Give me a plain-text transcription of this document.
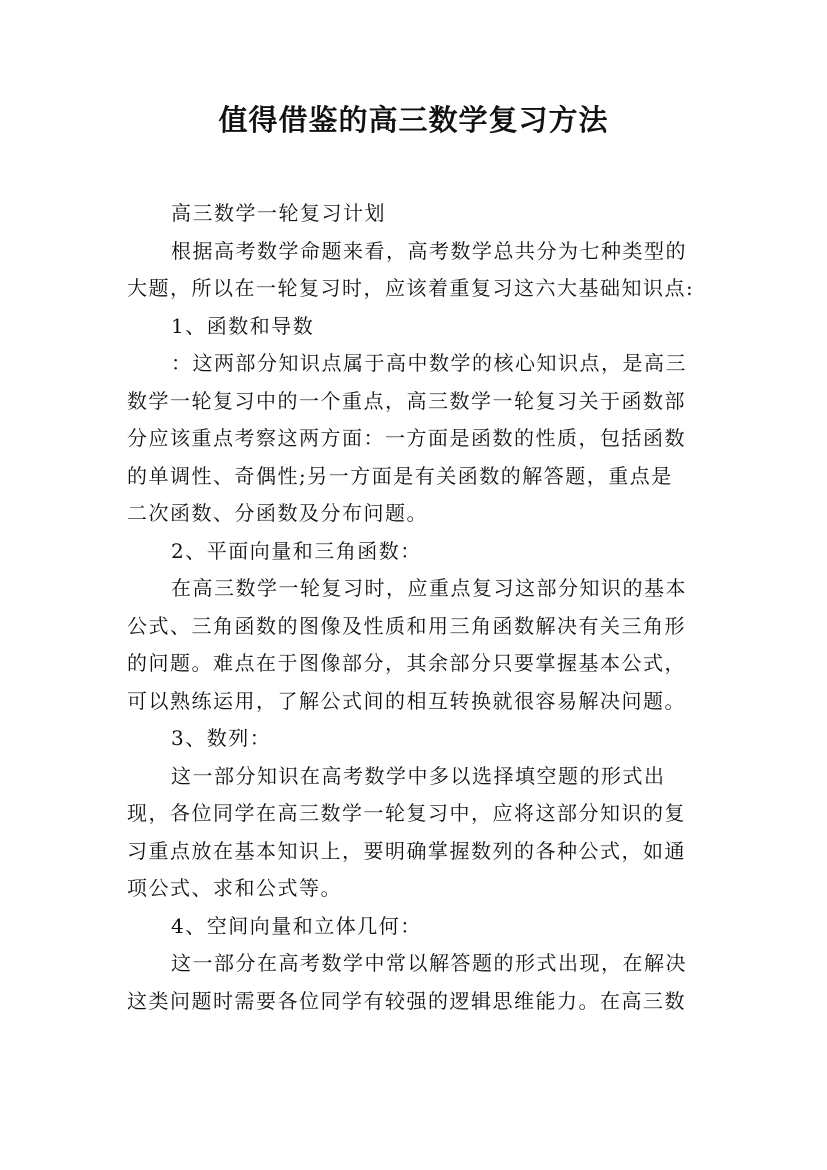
值得借鉴的高三数学复习方法
高三数学一轮复习计划
根据高考数学命题来看，高考数学总共分为七种类型的
大题，所以在一轮复习时，应该着重复习这六大基础知识点:
1、函数和导数
：这两部分知识点属于高中数学的核心知识点，是高三
数学一轮复习中的一个重点，高三数学一轮复习关于函数部
分应该重点考察这两方面：一方面是函数的性质，包括函数
的单调性、奇偶性;另一方面是有关函数的解答题，重点是
二次函数、分函数及分布问题。
2、平面向量和三角函数：
在高三数学一轮复习时，应重点复习这部分知识的基本
公式、三角函数的图像及性质和用三角函数解决有关三角形
的问题。难点在于图像部分，其余部分只要掌握基本公式，
可以熟练运用，了解公式间的相互转换就很容易解决问题。
3、数列：
这一部分知识在高考数学中多以选择填空题的形式出
现，各位同学在高三数学一轮复习中，应将这部分知识的复
习重点放在基本知识上，要明确掌握数列的各种公式，如通
项公式、求和公式等。
4、空间向量和立体几何：
这一部分在高考数学中常以解答题的形式出现，在解决
这类问题时需要各位同学有较强的逻辑思维能力。在高三数
